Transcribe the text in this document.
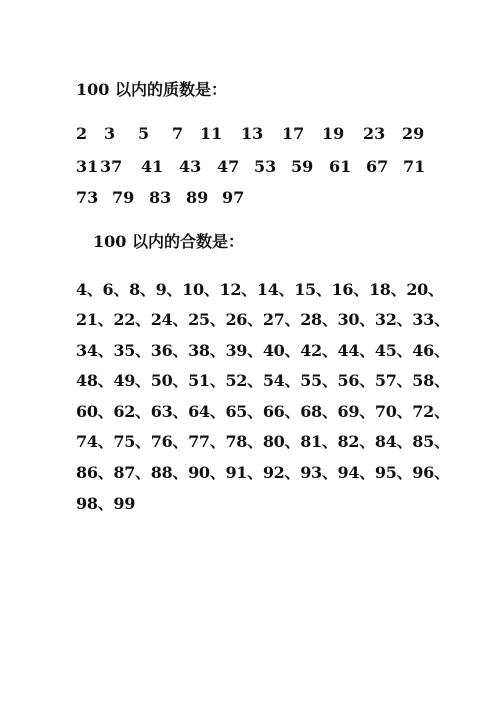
100 以内的质数是：
2 3 5 7 11 13 17 19 23 29
31 37 41 43 47 53 59 61 67 71
73 79 83 89 97
100 以内的合数是：
4、6、8、9、10、12、14、15、16、18、20、
21、22、24、25、26、27、28、30、32、33、
34、35、36、38、39、40、42、44、45、46、
48、49、50、51、52、54、55、56、57、58、
60、62、63、64、65、66、68、69、70、72、
74、75、76、77、78、80、81、82、84、85、
86、87、88、90、91、92、93、94、95、96、
98、99
